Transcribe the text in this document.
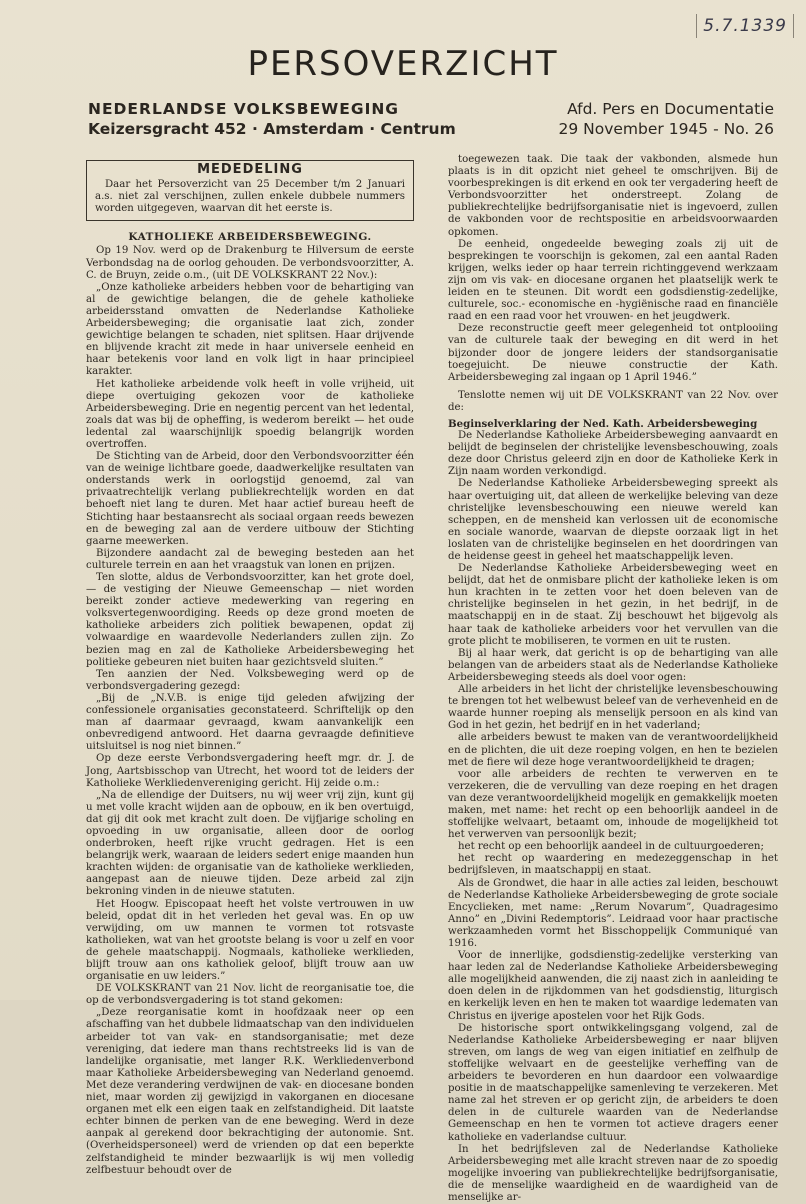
5.7.1339
PERSOVERZICHT
NEDERLANDSE VOLKSBEWEGING
Keizersgracht 452 · Amsterdam · Centrum
Afd. Pers en Documentatie
29 November 1945 - No. 26
MEDEDELING

Daar het Persoverzicht van 25 December t/m 2 Januari a.s. niet zal verschijnen, zullen enkele dubbele nummers worden uitgegeven, waarvan dit het eerste is.

KATHOLIEKE ARBEIDERSBEWEGING.

Op 19 Nov. werd op de Drakenburg te Hilversum de eerste Verbondsdag na de oorlog gehouden. De verbondsvoorzitter, A. C. de Bruyn, zeide o.m., (uit DE VOLKSKRANT 22 Nov.):

„Onze katholieke arbeiders hebben voor de behartiging van al de gewichtige belangen, die de gehele katholieke arbeidersstand omvatten de Nederlandse Katholieke Arbeidersbeweging; die organisatie laat zich, zonder gewichtige belangen te schaden, niet splitsen. Haar drijvende en blijvende kracht zit mede in haar universele eenheid en haar betekenis voor land en volk ligt in haar principieel karakter.

Het katholieke arbeidende volk heeft in volle vrijheid, uit diepe overtuiging gekozen voor de katholieke Arbeidersbeweging. Drie en negentig percent van het ledental, zoals dat was bij de opheffing, is wederom bereikt — het oude ledental zal waarschijnlijk spoedig belangrijk worden overtroffen.

De Stichting van de Arbeid, door den Verbondsvoorzitter één van de weinige lichtbare goede, daadwerkelijke resultaten van onderstands werk in oorlogstijd genoemd, zal van privaatrechtelijk verlang publiekrechtelijk worden en dat behoeft niet lang te duren. Met haar actief bureau heeft de Stichting haar bestaansrecht als sociaal orgaan reeds bewezen en de beweging zal aan de verdere uitbouw der Stichting gaarne meewerken.

Bijzondere aandacht zal de beweging besteden aan het culturele terrein en aan het vraagstuk van lonen en prijzen.

Ten slotte, aldus de Verbondsvoorzitter, kan het grote doel, — de vestiging der Nieuwe Gemeenschap — niet worden bereikt zonder actieve medewerking van regering en volksvertegenwoordiging. Reeds op deze grond moeten de katholieke arbeiders zich politiek bewapenen, opdat zij volwaardige en waardevolle Nederlanders zullen zijn. Zo bezien mag en zal de Katholieke Arbeidersbeweging het politieke gebeuren niet buiten haar gezichtsveld sluiten.”

Ten aanzien der Ned. Volksbeweging werd op de verbondsvergadering gezegd:

„Bij de „N.V.B. is enige tijd geleden afwijzing der confessionele organisaties geconstateerd. Schriftelijk op den man af daarmaar gevraagd, kwam aanvankelijk een onbevredigend antwoord. Het daarna gevraagde definitieve uitsluitsel is nog niet binnen.”

Op deze eerste Verbondsvergadering heeft mgr. dr. J. de Jong, Aartsbisschop van Utrecht, het woord tot de leiders der Katholieke Werkliedenvereniging gericht. Hij zeide o.m.:

„Na de ellendige der Duitsers, nu wij weer vrij zijn, kunt gij u met volle kracht wijden aan de opbouw, en ik ben overtuigd, dat gij dit ook met kracht zult doen. De vijfjarige scholing en opvoeding in uw organisatie, alleen door de oorlog onderbroken, heeft rijke vrucht gedragen. Het is een belangrijk werk, waaraan de leiders sedert enige maanden hun krachten wijden: de organisatie van de katholieke werklieden, aangepast aan de nieuwe tijden. Deze arbeid zal zijn bekroning vinden in de nieuwe statuten.

Het Hoogw. Episcopaat heeft het volste vertrouwen in uw beleid, opdat dit in het verleden het geval was. En op uw verwijding, om uw mannen te vormen tot rotsvaste katholieken, wat van het grootste belang is voor u zelf en voor de gehele maatschappij. Nogmaals, katholieke werklieden, blijft trouw aan ons katholiek geloof, blijft trouw aan uw organisatie en uw leiders.”

DE VOLKSKRANT van 21 Nov. licht de reorganisatie toe, die op de verbondsvergadering is tot stand gekomen:

„Deze reorganisatie komt in hoofdzaak neer op een afschaffing van het dubbele lidmaatschap van den individuelen arbeider tot van vak- en standsorganisatie; met deze vereniging, dat iedere man thans rechtstreeks lid is van de landelijke organisatie, met langer R.K. Werkliedenverbond maar Katholieke Arbeidersbeweging van Nederland genoemd. Met deze verandering verdwijnen de vak- en diocesane bonden niet, maar worden zij gewijzigd in vakorganen en diocesane organen met elk een eigen taak en zelfstandigheid. Dit laatste echter binnen de perken van de ene beweging. Werd in deze aanpak al gerekend door bekrachtiging der autonomie. Snt. (Overheidspersoneel) werd de vrienden op dat een beperkte zelfstandigheid te minder bezwaarlijk is wij men volledig zelfbestuur behoudt over de

toegewezen taak. Die taak der vakbonden, alsmede hun plaats is in dit opzicht niet geheel te omschrijven. Bij de voorbesprekingen is dit erkend en ook ter vergadering heeft de Verbondsvoorzitter het onderstreept. Zolang de publiekrechtelijke bedrijfsorganisatie niet is ingevoerd, zullen de vakbonden voor de rechtspositie en arbeidsvoorwaarden opkomen.

De eenheid, ongedeelde beweging zoals zij uit de besprekingen te voorschijn is gekomen, zal een aantal Raden krijgen, welks ieder op haar terrein richtinggevend werkzaam zijn om vis vak- en diocesane organen het plaatselijk werk te leiden en te steunen. Dit wordt een godsdienstig-zedelijke, culturele, soc.- economische en -hygiënische raad en financiële raad en een raad voor het vrouwen- en het jeugdwerk.

Deze reconstructie geeft meer gelegenheid tot ontplooiing van de culturele taak der beweging en dit werd in het bijzonder door de jongere leiders der standsorganisatie toegejuicht. De nieuwe constructie der Kath. Arbeidersbeweging zal ingaan op 1 April 1946.”

Tenslotte nemen wij uit DE VOLKSKRANT van 22 Nov. over de:

Beginselverklaring der Ned. Kath. Arbeidersbeweging

De Nederlandse Katholieke Arbeidersbeweging aanvaardt en belijdt de beginselen der christelijke levensbeschouwing, zoals deze door Christus geleerd zijn en door de Katholieke Kerk in Zijn naam worden verkondigd.

De Nederlandse Katholieke Arbeidersbeweging spreekt als haar overtuiging uit, dat alleen de werkelijke beleving van deze christelijke levensbeschouwing een nieuwe wereld kan scheppen, en de mensheid kan verlossen uit de economische en sociale wanorde, waarvan de diepste oorzaak ligt in het loslaten van de christelijke beginselen en het doordringen van de heidense geest in geheel het maatschappelijk leven.

De Nederlandse Katholieke Arbeidersbeweging weet en belijdt, dat het de onmisbare plicht der katholieke leken is om hun krachten in te zetten voor het doen beleven van de christelijke beginselen in het gezin, in het bedrijf, in de maatschappij en in de staat. Zij beschouwt het bijgevolg als haar taak de katholieke arbeiders voor het vervullen van die grote plicht te mobiliseren, te vormen en uit te rusten.

Bij al haar werk, dat gericht is op de behartiging van alle belangen van de arbeiders staat als de Nederlandse Katholieke Arbeidersbeweging steeds als doel voor ogen:

Alle arbeiders in het licht der christelijke levensbeschouwing te brengen tot het welbewust beleef van de verhevenheid en de waarde hunner roeping als menselijk persoon en als kind van God in het gezin, het bedrijf en in het vaderland;

alle arbeiders bewust te maken van de verantwoordelijkheid en de plichten, die uit deze roeping volgen, en hen te bezielen met de fiere wil deze hoge verantwoordelijkheid te dragen;

voor alle arbeiders de rechten te verwerven en te verzekeren, die de vervulling van deze roeping en het dragen van deze verantwoordelijkheid mogelijk en gemakkelijk moeten maken, met name: het recht op een behoorlijk aandeel in de stoffelijke welvaart, betaamt om, inhoude de mogelijkheid tot het verwerven van persoonlijk bezit;

het recht op een behoorlijk aandeel in de cultuurgoederen;

het recht op waardering en medezeggenschap in het bedrijfsleven, in maatschappij en staat.

Als de Grondwet, die haar in alle acties zal leiden, beschouwt de Nederlandse Katholieke Arbeidersbeweging de grote sociale Encyclieken, met name: „Rerum Novarum”, Quadragesimo Anno” en „Divini Redemptoris”. Leidraad voor haar practische werkzaamheden vormt het Bisschoppelijk Communiqué van 1916.

Voor de innerlijke, godsdienstig-zedelijke versterking van haar leden zal de Nederlandse Katholieke Arbeidersbeweging alle mogelijkheid aanwenden, die zij naast zich in aanleiding te doen delen in de rijkdommen van het godsdienstig, liturgisch en kerkelijk leven en hen te maken tot waardige ledematen van Christus en ijverige apostelen voor het Rijk Gods.

De historische sport ontwikkelingsgang volgend, zal de Nederlandse Katholieke Arbeidersbeweging er naar blijven streven, om langs de weg van eigen initiatief en zelfhulp de stoffelijke welvaart en de geestelijke verheffing van de arbeiders te bevorderen en hun daardoor een volwaardige positie in de maatschappelijke samenleving te verzekeren. Met name zal het streven er op gericht zijn, de arbeiders te doen delen in de culturele waarden van de Nederlandse Gemeenschap en hen te vormen tot actieve dragers eener katholieke en vaderlandse cultuur.

In het bedrijfsleven zal de Nederlandse Katholieke Arbeidersbeweging met alle kracht streven naar de zo spoedig mogelijke invoering van publiekrechtelijke bedrijfsorganisatie, die de menselijke waardigheid en de waardigheid van de menselijke ar-
